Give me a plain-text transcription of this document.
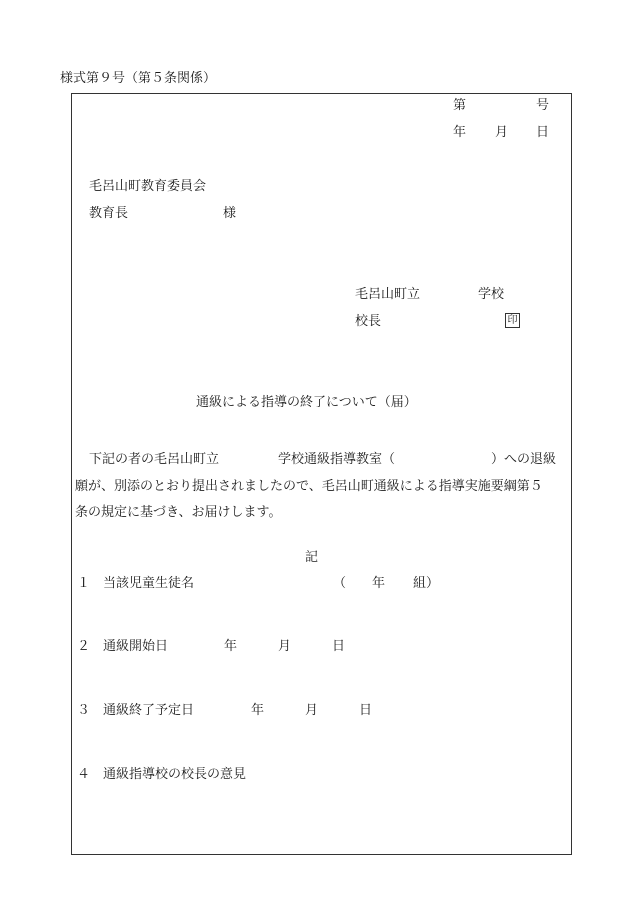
様式第９号（第５条関係）
第	号
年 月 日
毛呂山町教育委員会
教育長	様
毛呂山町立	学校
校長	印
通級による指導の終了について（届）
下記の者の毛呂山町立	学校通級指導教室（	）への退級
願が、別添のとおり提出されましたので、毛呂山町通級による指導実施要綱第５
条の規定に基づき、お届けします。
記
１ 当該児童生徒名	（ 年 組）
２ 通級開始日	年	月	日
３ 通級終了予定日	年	月	日
４ 通級指導校の校長の意見
